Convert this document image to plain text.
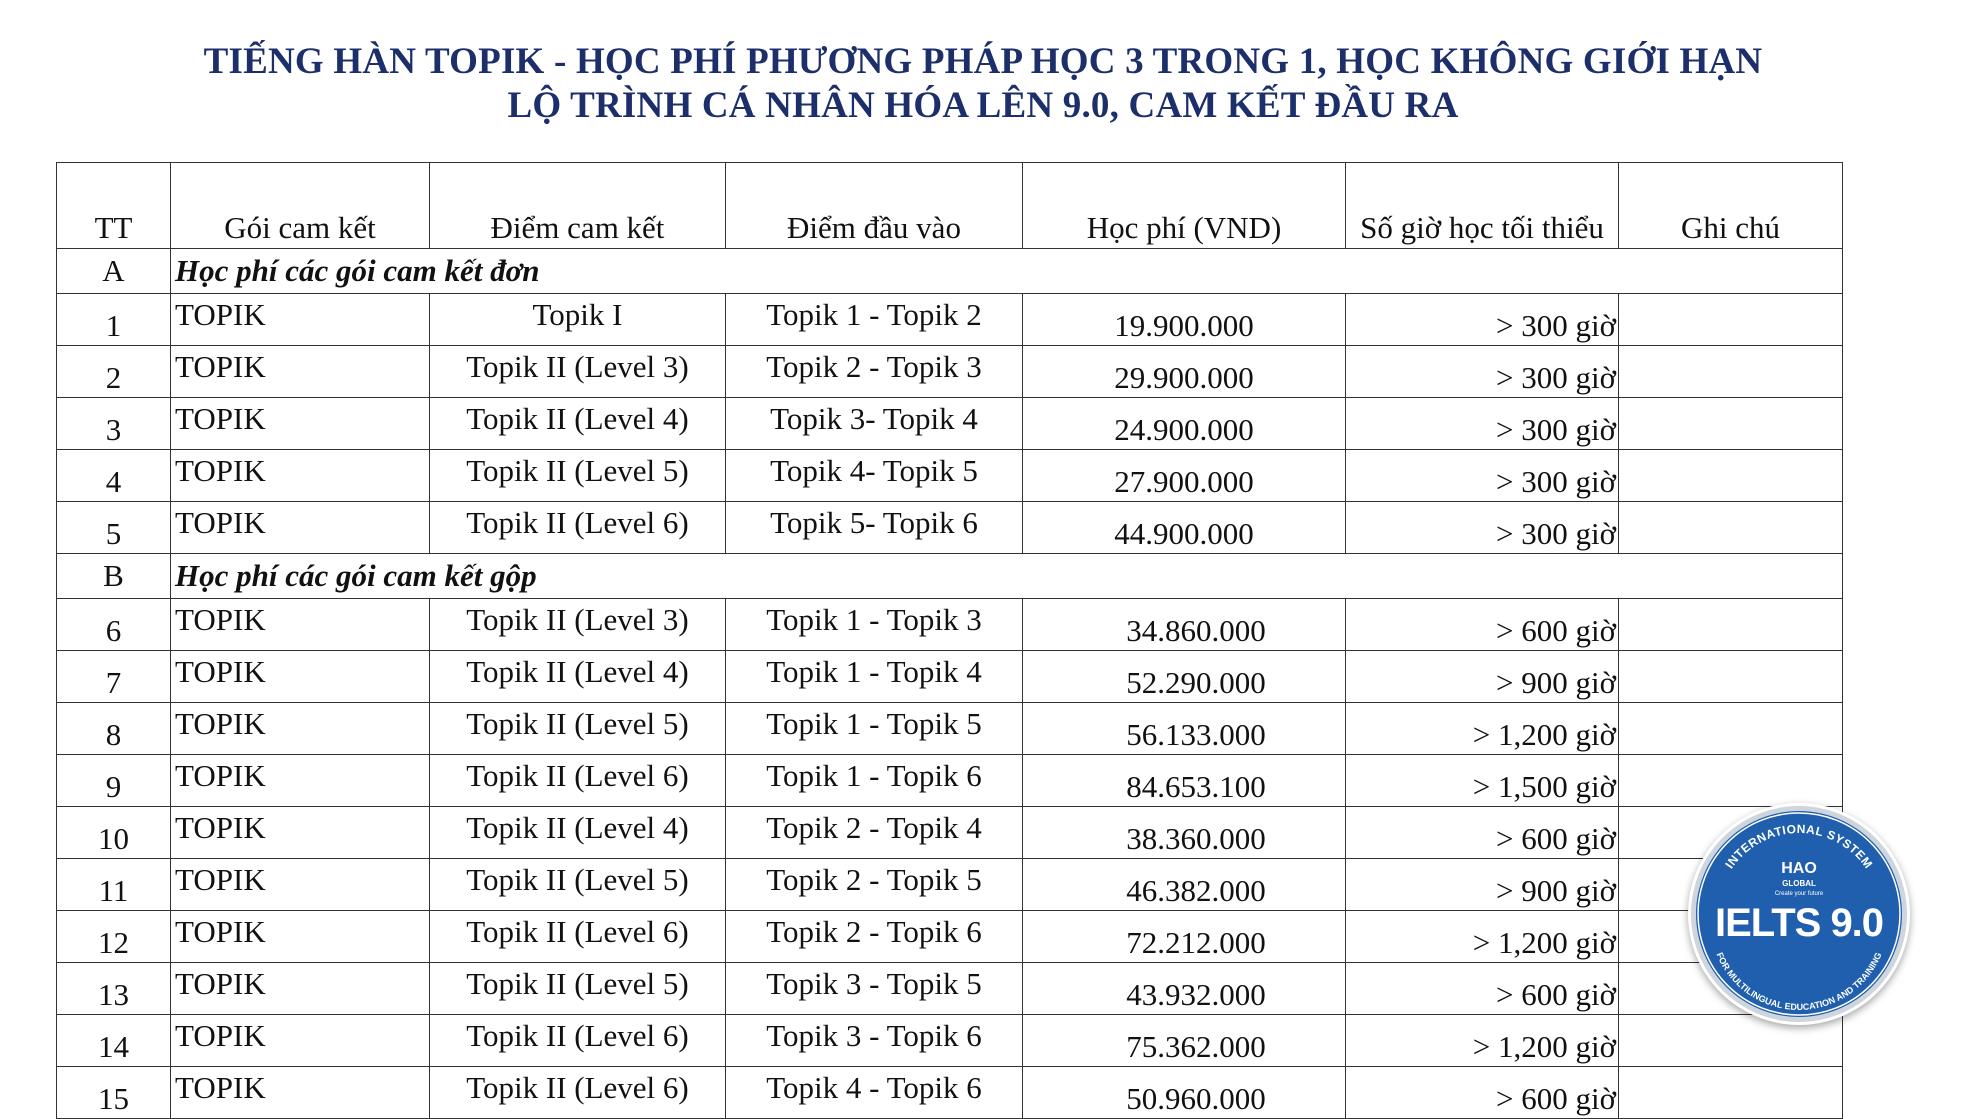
TIẾNG HÀN TOPIK - HỌC PHÍ PHƯƠNG PHÁP HỌC 3 TRONG 1, HỌC KHÔNG GIỚI HẠN
LỘ TRÌNH CÁ NHÂN HÓA LÊN 9.0, CAM KẾT ĐẦU RA
TT	Gói cam kết	Điểm cam kết	Điểm đầu vào	Học phí (VND)	Số giờ học tối thiểu	Ghi chú
A	Học phí các gói cam kết đơn					
1	TOPIK	Topik I	Topik 1 - Topik 2	19.900.000	> 300 giờ	
2	TOPIK	Topik II (Level 3)	Topik 2 - Topik 3	29.900.000	> 300 giờ	
3	TOPIK	Topik II (Level 4)	Topik 3- Topik 4	24.900.000	> 300 giờ	
4	TOPIK	Topik II (Level 5)	Topik 4- Topik 5	27.900.000	> 300 giờ	
5	TOPIK	Topik II (Level 6)	Topik 5- Topik 6	44.900.000	> 300 giờ	
B	Học phí các gói cam kết gộp					
6	TOPIK	Topik II (Level 3)	Topik 1 - Topik 3	34.860.000	> 600 giờ	
7	TOPIK	Topik II (Level 4)	Topik 1 - Topik 4	52.290.000	> 900 giờ	
8	TOPIK	Topik II (Level 5)	Topik 1 - Topik 5	56.133.000	> 1,200 giờ	
9	TOPIK	Topik II (Level 6)	Topik 1 - Topik 6	84.653.100	> 1,500 giờ	
10	TOPIK	Topik II (Level 4)	Topik 2 - Topik 4	38.360.000	> 600 giờ	
11	TOPIK	Topik II (Level 5)	Topik 2 - Topik 5	46.382.000	> 900 giờ	
12	TOPIK	Topik II (Level 6)	Topik 2 - Topik 6	72.212.000	> 1,200 giờ	
13	TOPIK	Topik II (Level 5)	Topik 3 - Topik 5	43.932.000	> 600 giờ	
14	TOPIK	Topik II (Level 6)	Topik 3 - Topik 6	75.362.000	> 1,200 giờ	
15	TOPIK	Topik II (Level 6)	Topik 4 - Topik 6	50.960.000	> 600 giờ	
INTERNATIONAL SYSTEM
FOR MULTILINGUAL EDUCATION AND TRAINING
HAO
GLOBAL
Create your future
IELTS 9.0
